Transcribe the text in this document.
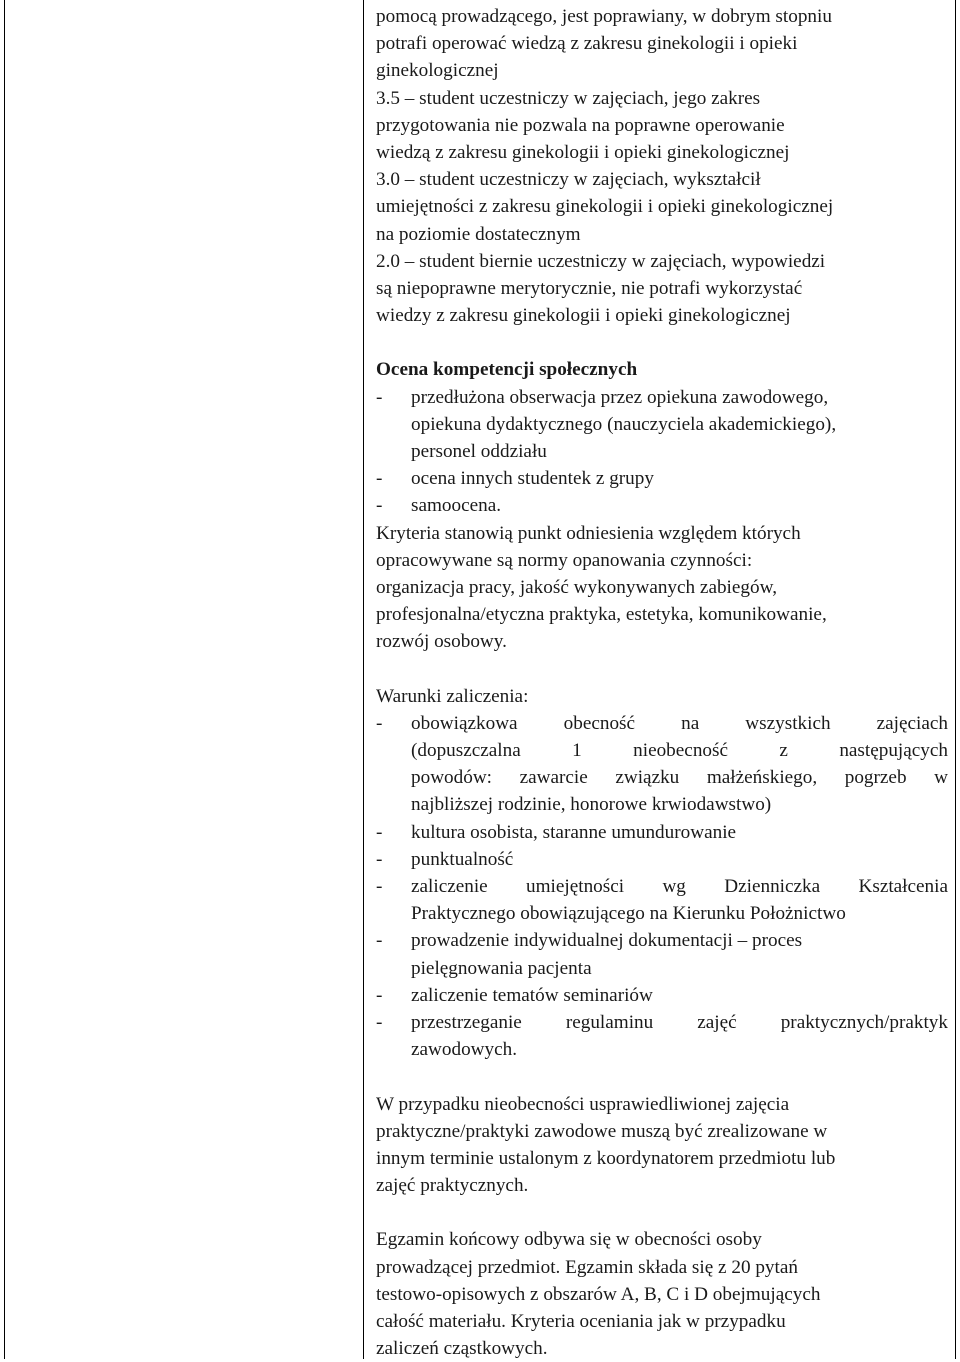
pomocą prowadzącego, jest poprawiany, w dobrym stopniu
potrafi operować wiedzą z zakresu ginekologii i opieki
ginekologicznej
3.5 – student uczestniczy w zajęciach, jego zakres
przygotowania nie pozwala na poprawne operowanie
wiedzą z zakresu ginekologii i opieki ginekologicznej
3.0 – student uczestniczy w zajęciach, wykształcił
umiejętności z zakresu ginekologii i opieki ginekologicznej
na poziomie dostatecznym
2.0 – student biernie uczestniczy w zajęciach, wypowiedzi
są niepoprawne merytorycznie, nie potrafi wykorzystać
wiedzy z zakresu ginekologii i opieki ginekologicznej
Ocena kompetencji społecznych
- przedłużona obserwacja przez opiekuna zawodowego,
opiekuna dydaktycznego (nauczyciela akademickiego),
personel oddziału
- ocena innych studentek z grupy
- samoocena.
Kryteria stanowią punkt odniesienia względem których
opracowywane są normy opanowania czynności:
organizacja pracy, jakość wykonywanych zabiegów,
profesjonalna/etyczna praktyka, estetyka, komunikowanie,
rozwój osobowy.
Warunki zaliczenia:
- obowiązkowa obecność na wszystkich zajęciach
(dopuszczalna 1 nieobecność z następujących
powodów: zawarcie związku małżeńskiego, pogrzeb w
najbliższej rodzinie, honorowe krwiodawstwo)
- kultura osobista, staranne umundurowanie
- punktualność
- zaliczenie umiejętności wg Dzienniczka Kształcenia
Praktycznego obowiązującego na Kierunku Położnictwo
- prowadzenie indywidualnej dokumentacji – proces
pielęgnowania pacjenta
- zaliczenie tematów seminariów
- przestrzeganie regulaminu zajęć praktycznych/praktyk
zawodowych.
W przypadku nieobecności usprawiedliwionej zajęcia
praktyczne/praktyki zawodowe muszą być zrealizowane w
innym terminie ustalonym z koordynatorem przedmiotu lub
zajęć praktycznych.
Egzamin końcowy odbywa się w obecności osoby
prowadzącej przedmiot. Egzamin składa się z 20 pytań
testowo-opisowych z obszarów A, B, C i D obejmujących
całość materiału. Kryteria oceniania jak w przypadku
zaliczeń cząstkowych.
